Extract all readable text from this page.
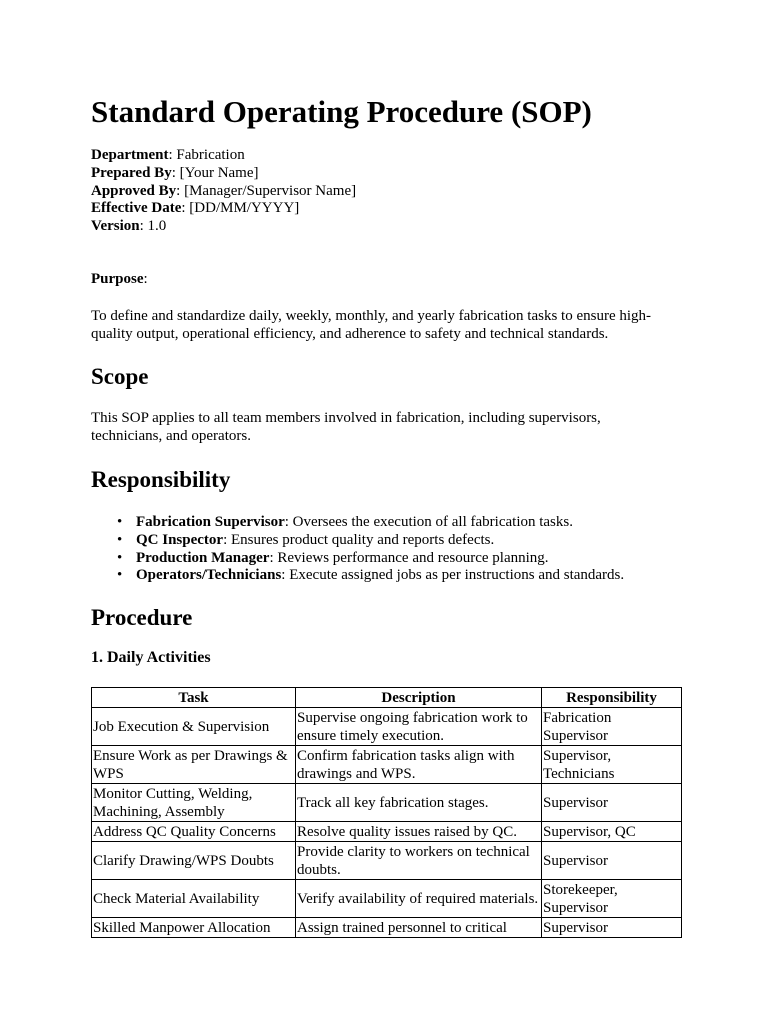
Standard Operating Procedure (SOP)
Department: Fabrication
Prepared By: [Your Name]
Approved By: [Manager/Supervisor Name]
Effective Date: [DD/MM/YYYY]
Version: 1.0
Purpose:
To define and standardize daily, weekly, monthly, and yearly fabrication tasks to ensure high-quality output, operational efficiency, and adherence to safety and technical standards.
Scope
This SOP applies to all team members involved in fabrication, including supervisors, technicians, and operators.
Responsibility
• Fabrication Supervisor: Oversees the execution of all fabrication tasks.
• QC Inspector: Ensures product quality and reports defects.
• Production Manager: Reviews performance and resource planning.
• Operators/Technicians: Execute assigned jobs as per instructions and standards.
Procedure
1. Daily Activities
Task	Description	Responsibility
Job Execution & Supervision	Supervise ongoing fabrication work to ensure timely execution.	Fabrication Supervisor
Ensure Work as per Drawings & WPS	Confirm fabrication tasks align with drawings and WPS.	Supervisor, Technicians
Monitor Cutting, Welding, Machining, Assembly	Track all key fabrication stages.	Supervisor
Address QC Quality Concerns	Resolve quality issues raised by QC.	Supervisor, QC
Clarify Drawing/WPS Doubts	Provide clarity to workers on technical doubts.	Supervisor
Check Material Availability	Verify availability of required materials.	Storekeeper, Supervisor
Skilled Manpower Allocation	Assign trained personnel to critical	Supervisor
